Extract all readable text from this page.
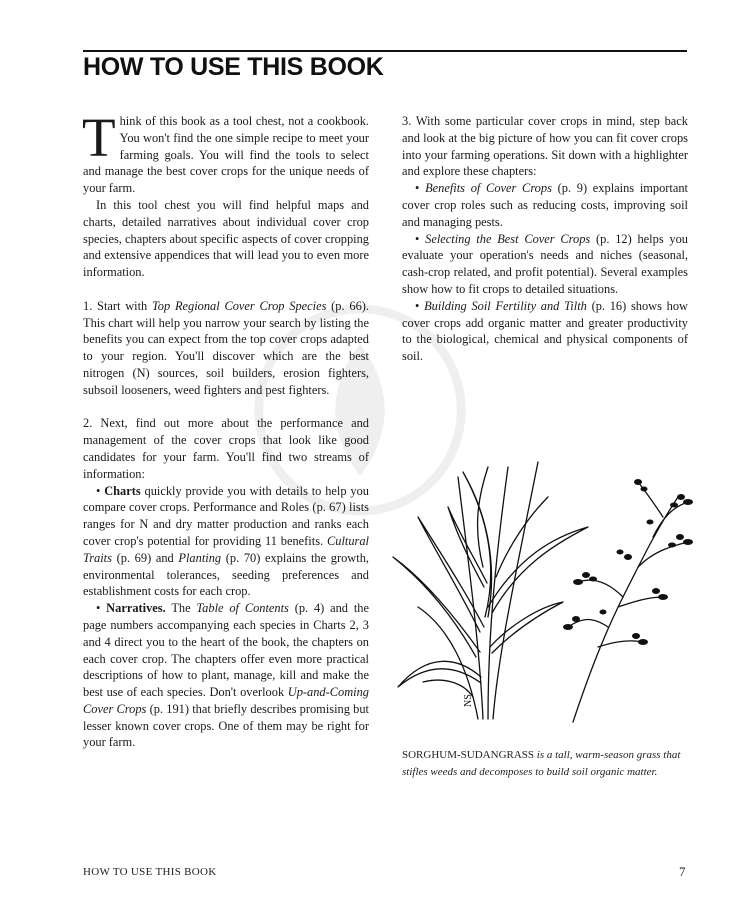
HOW TO USE THIS BOOK

Think of this book as a tool chest, not a cookbook. You won't find the one simple recipe to meet your farming goals. You will find the tools to select and manage the best cover crops for the unique needs of your farm.

In this tool chest you will find helpful maps and charts, detailed narratives about individual cover crop species, chapters about specific aspects of cover cropping and extensive appendices that will lead you to even more information.

1. Start with Top Regional Cover Crop Species (p. 66). This chart will help you narrow your search by listing the benefits you can expect from the top cover crops adapted to your region. You'll discover which are the best nitrogen (N) sources, soil builders, erosion fighters, subsoil looseners, weed fighters and pest fighters.

2. Next, find out more about the performance and management of the cover crops that look like good candidates for your farm. You'll find two streams of information:

• Charts quickly provide you with details to help you compare cover crops. Performance and Roles (p. 67) lists ranges for N and dry matter production and ranks each cover crop's potential for providing 11 benefits. Cultural Traits (p. 69) and Planting (p. 70) explains the growth, environmental tolerances, seeding preferences and establishment costs for each crop.

• Narratives. The Table of Contents (p. 4) and the page numbers accompanying each species in Charts 2, 3 and 4 direct you to the heart of the book, the chapters on each cover crop. The chapters offer even more practical descriptions of how to plant, manage, kill and make the best use of each species. Don't overlook Up-and-Coming Cover Crops (p. 191) that briefly describes promising but lesser known cover crops. One of them may be right for your farm.

3. With some particular cover crops in mind, step back and look at the big picture of how you can fit cover crops into your farming operations. Sit down with a highlighter and explore these chapters:

• Benefits of Cover Crops (p. 9) explains important cover crop roles such as reducing costs, improving soil and managing pests.

• Selecting the Best Cover Crops (p. 12) helps you evaluate your operation's needs and niches (seasonal, cash-crop related, and profit potential). Several examples show how to fit crops to detailed situations.

• Building Soil Fertility and Tilth (p. 16) shows how cover crops add organic matter and greater productivity to the biological, chemical and physical components of soil.

NS
SORGHUM-SUDANGRASS is a tall, warm-season grass that stifles weeds and decomposes to build soil organic matter.
HOW TO USE THIS BOOK	7
